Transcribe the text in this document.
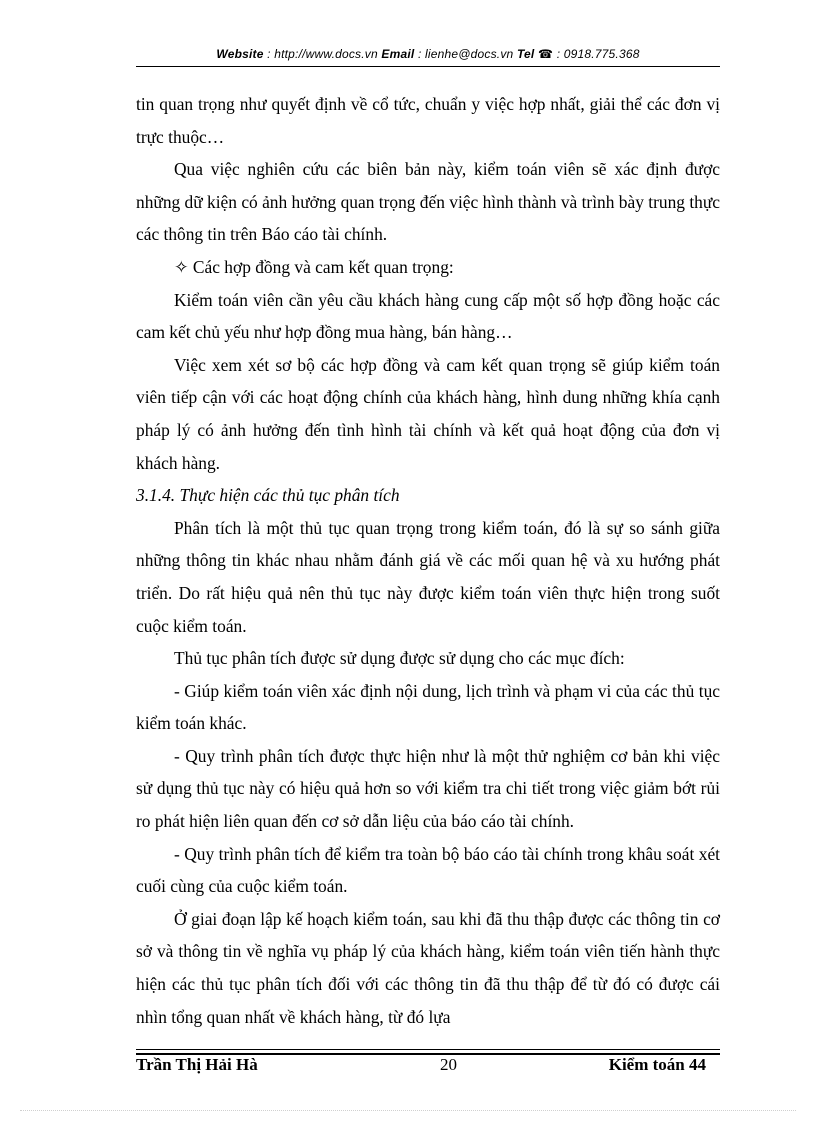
Website : http://www.docs.vn Email : lienhe@docs.vn Tel ☎ : 0918.775.368

tin quan trọng như quyết định về cổ tức, chuẩn y việc hợp nhất, giải thể các đơn vị trực thuộc…

Qua việc nghiên cứu các biên bản này, kiểm toán viên sẽ xác định được những dữ kiện có ảnh hưởng quan trọng đến việc hình thành và trình bày trung thực các thông tin trên Báo cáo tài chính.

✧ Các hợp đồng và cam kết quan trọng:

Kiểm toán viên cần yêu cầu khách hàng cung cấp một số hợp đồng hoặc các cam kết chủ yếu như hợp đồng mua hàng, bán hàng…

Việc xem xét sơ bộ các hợp đồng và cam kết quan trọng sẽ giúp kiểm toán viên tiếp cận với các hoạt động chính của khách hàng, hình dung những khía cạnh pháp lý có ảnh hưởng đến tình hình tài chính và kết quả hoạt động của đơn vị khách hàng.

3.1.4. Thực hiện các thủ tục phân tích

Phân tích là một thủ tục quan trọng trong kiểm toán, đó là sự so sánh giữa những thông tin khác nhau nhằm đánh giá về các mối quan hệ và xu hướng phát triển. Do rất hiệu quả nên thủ tục này được kiểm toán viên thực hiện trong suốt cuộc kiểm toán.

Thủ tục phân tích được sử dụng được sử dụng cho các mục đích:

- Giúp kiểm toán viên xác định nội dung, lịch trình và phạm vi của các thủ tục kiểm toán khác.

- Quy trình phân tích được thực hiện như là một thử nghiệm cơ bản khi việc sử dụng thủ tục này có hiệu quả hơn so với kiểm tra chi tiết trong việc giảm bớt rủi ro phát hiện liên quan đến cơ sở dẫn liệu của báo cáo tài chính.

- Quy trình phân tích để kiểm tra toàn bộ báo cáo tài chính trong khâu soát xét cuối cùng của cuộc kiểm toán.

Ở giai đoạn lập kế hoạch kiểm toán, sau khi đã thu thập được các thông tin cơ sở và thông tin về nghĩa vụ pháp lý của khách hàng, kiểm toán viên tiến hành thực hiện các thủ tục phân tích đối với các thông tin đã thu thập để từ đó có được cái nhìn tổng quan nhất về khách hàng, từ đó lựa

Trần Thị Hải Hà	20	Kiểm toán 44
